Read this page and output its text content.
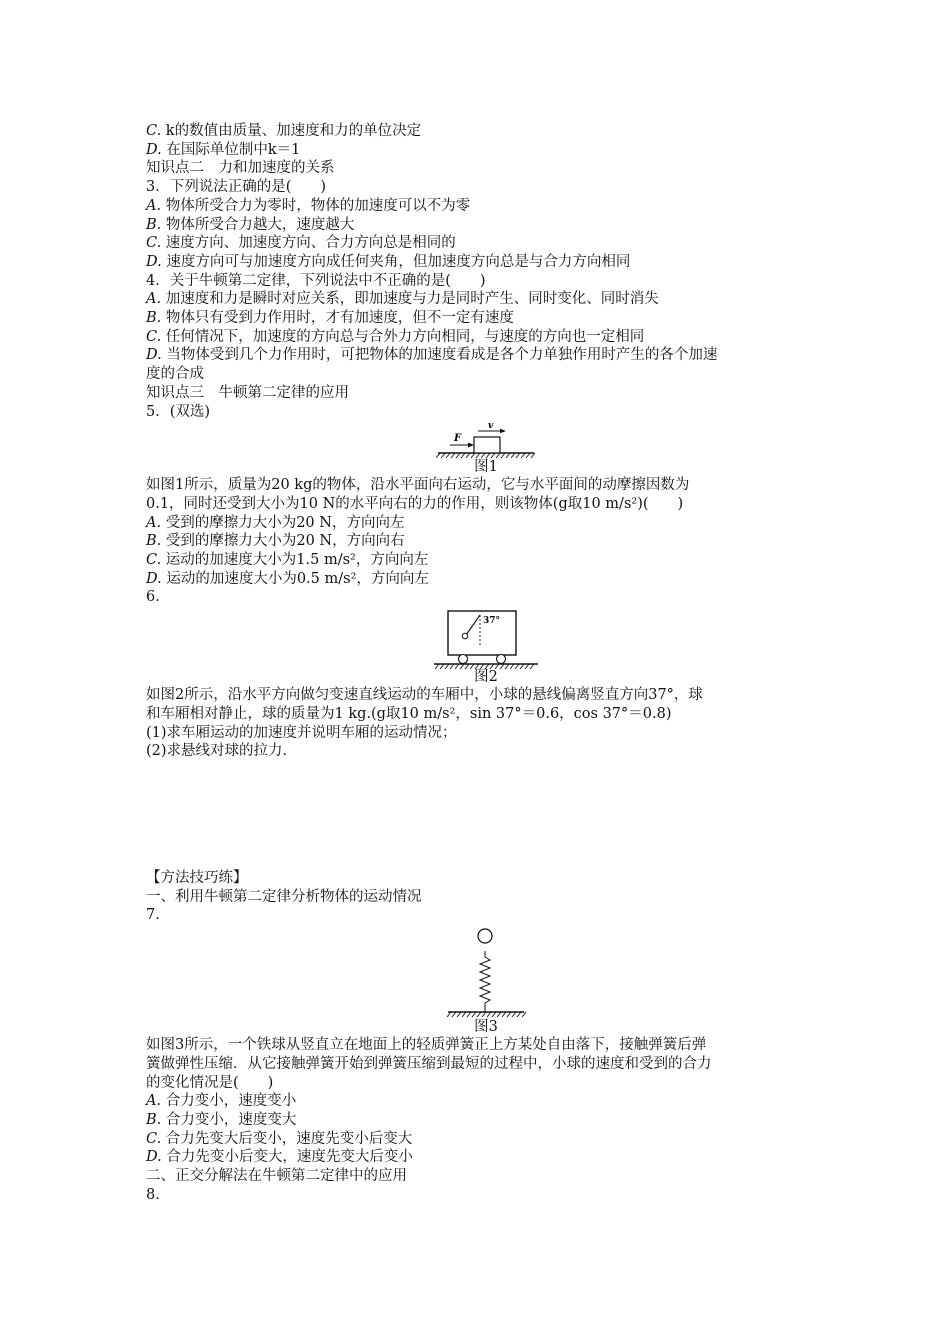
C. k的数值由质量、加速度和力的单位决定
D. 在国际单位制中k＝1
知识点二　力和加速度的关系
3．下列说法正确的是(　　)
A. 物体所受合力为零时，物体的加速度可以不为零
B. 物体所受合力越大，速度越大
C. 速度方向、加速度方向、合力方向总是相同的
D. 速度方向可与加速度方向成任何夹角，但加速度方向总是与合力方向相同
4．关于牛顿第二定律，下列说法中不正确的是(　　)
A. 加速度和力是瞬时对应关系，即加速度与力是同时产生、同时变化、同时消失
B. 物体只有受到力作用时，才有加速度，但不一定有速度
C. 任何情况下，加速度的方向总与合外力方向相同，与速度的方向也一定相同
D. 当物体受到几个力作用时，可把物体的加速度看成是各个力单独作用时产生的各个加速
度的合成
知识点三　牛顿第二定律的应用
5．(双选)
F
v
图1
如图1所示，质量为20 kg的物体，沿水平面向右运动，它与水平面间的动摩擦因数为
0.1，同时还受到大小为10 N的水平向右的力的作用，则该物体(g取10 m/s²)(　　)
A. 受到的摩擦力大小为20 N，方向向左
B. 受到的摩擦力大小为20 N，方向向右
C. 运动的加速度大小为1.5 m/s²，方向向左
D. 运动的加速度大小为0.5 m/s²，方向向左
6.
37°
图2
如图2所示，沿水平方向做匀变速直线运动的车厢中，小球的悬线偏离竖直方向37°，球
和车厢相对静止，球的质量为1 kg.(g取10 m/s²，sin 37°＝0.6，cos 37°＝0.8)
(1)求车厢运动的加速度并说明车厢的运动情况；
(2)求悬线对球的拉力.
【方法技巧练】
一、利用牛顿第二定律分析物体的运动情况
7.
图3
如图3所示，一个铁球从竖直立在地面上的轻质弹簧正上方某处自由落下，接触弹簧后弹
簧做弹性压缩．从它接触弹簧开始到弹簧压缩到最短的过程中，小球的速度和受到的合力
的变化情况是(　　)
A. 合力变小，速度变小
B. 合力变小，速度变大
C. 合力先变大后变小，速度先变小后变大
D. 合力先变小后变大，速度先变大后变小
二、正交分解法在牛顿第二定律中的应用
8.
